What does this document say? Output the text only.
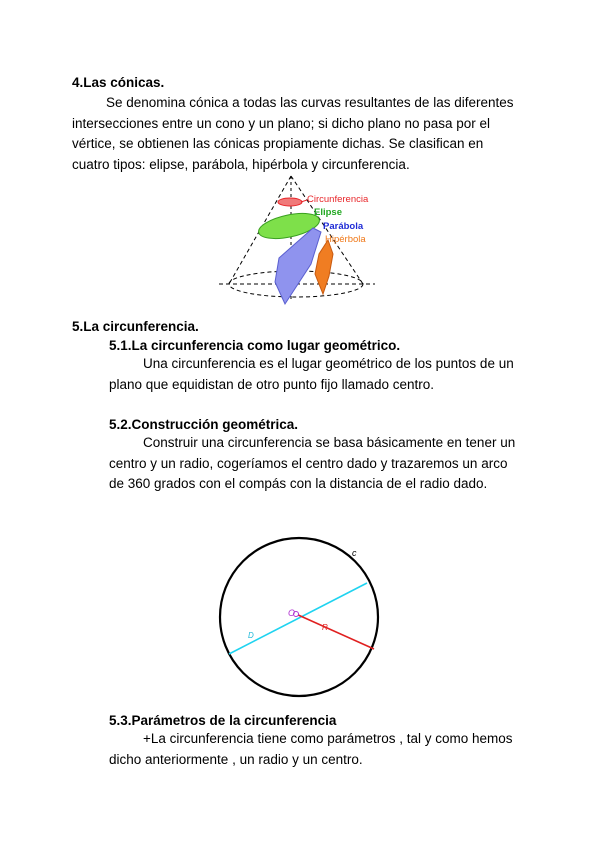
4.Las cónicas.
Se denomina cónica a todas las curvas resultantes de las diferentes intersecciones entre un cono y un plano; si dicho plano no pasa por el vértice, se obtienen las cónicas propiamente dichas. Se clasifican en cuatro tipos: elipse, parábola, hipérbola y circunferencia.
Circunferencia
Elipse
Parábola
Hipérbola
5.La circunferencia.
5.1.La circunferencia como lugar geométrico.
Una circunferencia es el lugar geométrico de los puntos de un plano que equidistan de otro punto fijo llamado centro.
5.2.Construcción geométrica.
Construir una circunferencia se basa básicamente en tener un centro y un radio, cogeríamos el centro dado y trazaremos un arco de 360 grados con el compás con la distancia de el radio dado.
O
c
D
R
5.3.Parámetros de la circunferencia
+La circunferencia tiene como parámetros , tal y como hemos dicho anteriormente , un radio y un centro.
